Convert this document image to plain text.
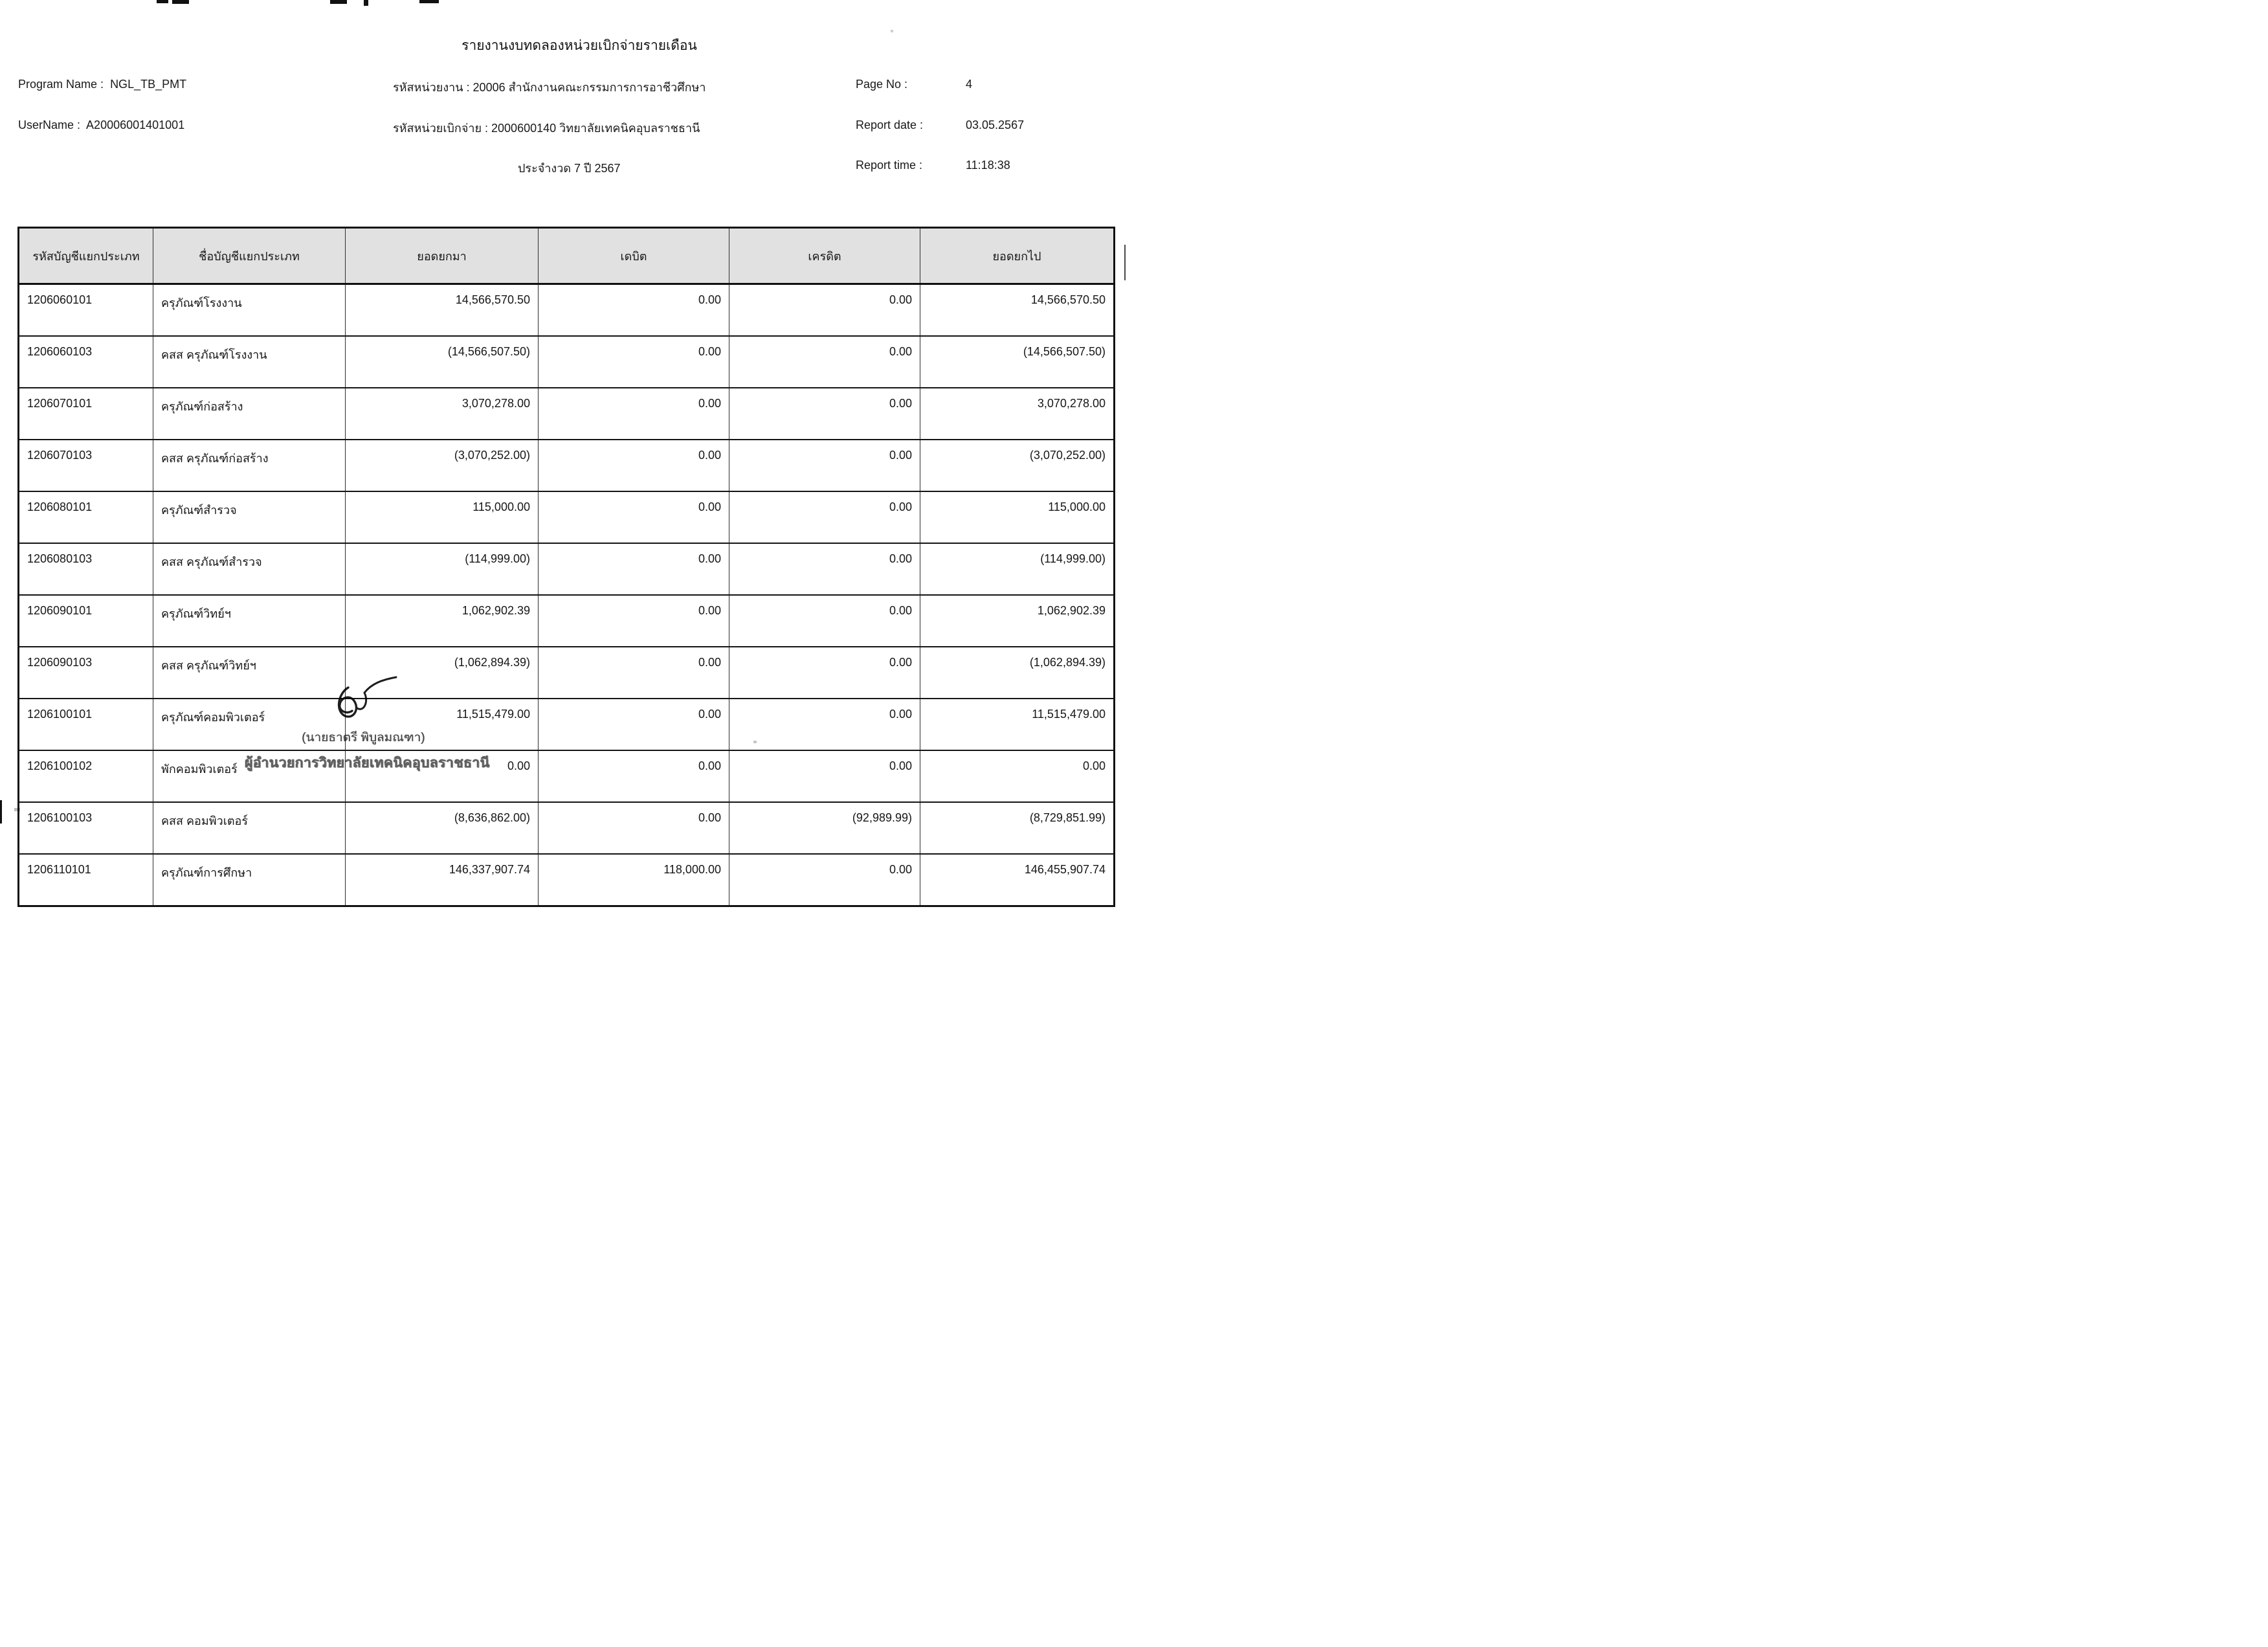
รายงานงบทดลองหน่วยเบิกจ่ายรายเดือน
Program Name : NGL_TB_PMT
UserName : A20006001401001
รหัสหน่วยงาน : 20006 สำนักงานคณะกรรมการการอาชีวศึกษา
รหัสหน่วยเบิกจ่าย : 2000600140 วิทยาลัยเทคนิคอุบลราชธานี
ประจำงวด 7 ปี 2567
Page No :	4
Report date :	03.05.2567
Report time :	11:18:38
รหัสบัญชีแยกประเภท	ชื่อบัญชีแยกประเภท	ยอดยกมา	เดบิต	เครดิต	ยอดยกไป
1206060101	ครุภัณฑ์โรงงาน	14,566,570.50	0.00	0.00	14,566,570.50
1206060103	คสส ครุภัณฑ์โรงงาน	(14,566,507.50)	0.00	0.00	(14,566,507.50)
1206070101	ครุภัณฑ์ก่อสร้าง	3,070,278.00	0.00	0.00	3,070,278.00
1206070103	คสส ครุภัณฑ์ก่อสร้าง	(3,070,252.00)	0.00	0.00	(3,070,252.00)
1206080101	ครุภัณฑ์สำรวจ	115,000.00	0.00	0.00	115,000.00
1206080103	คสส ครุภัณฑ์สำรวจ	(114,999.00)	0.00	0.00	(114,999.00)
1206090101	ครุภัณฑ์วิทย์ฯ	1,062,902.39	0.00	0.00	1,062,902.39
1206090103	คสส ครุภัณฑ์วิทย์ฯ	(1,062,894.39)	0.00	0.00	(1,062,894.39)
1206100101	ครุภัณฑ์คอมพิวเตอร์	11,515,479.00	0.00	0.00	11,515,479.00
1206100102	พักคอมพิวเตอร์	0.00	0.00	0.00	0.00
1206100103	คสส คอมพิวเตอร์	(8,636,862.00)	0.00	(92,989.99)	(8,729,851.99)
1206110101	ครุภัณฑ์การศึกษา	146,337,907.74	118,000.00	0.00	146,455,907.74
(นายธาตรี พิบูลมณฑา)
ผู้อำนวยการวิทยาลัยเทคนิคอุบลราชธานี
